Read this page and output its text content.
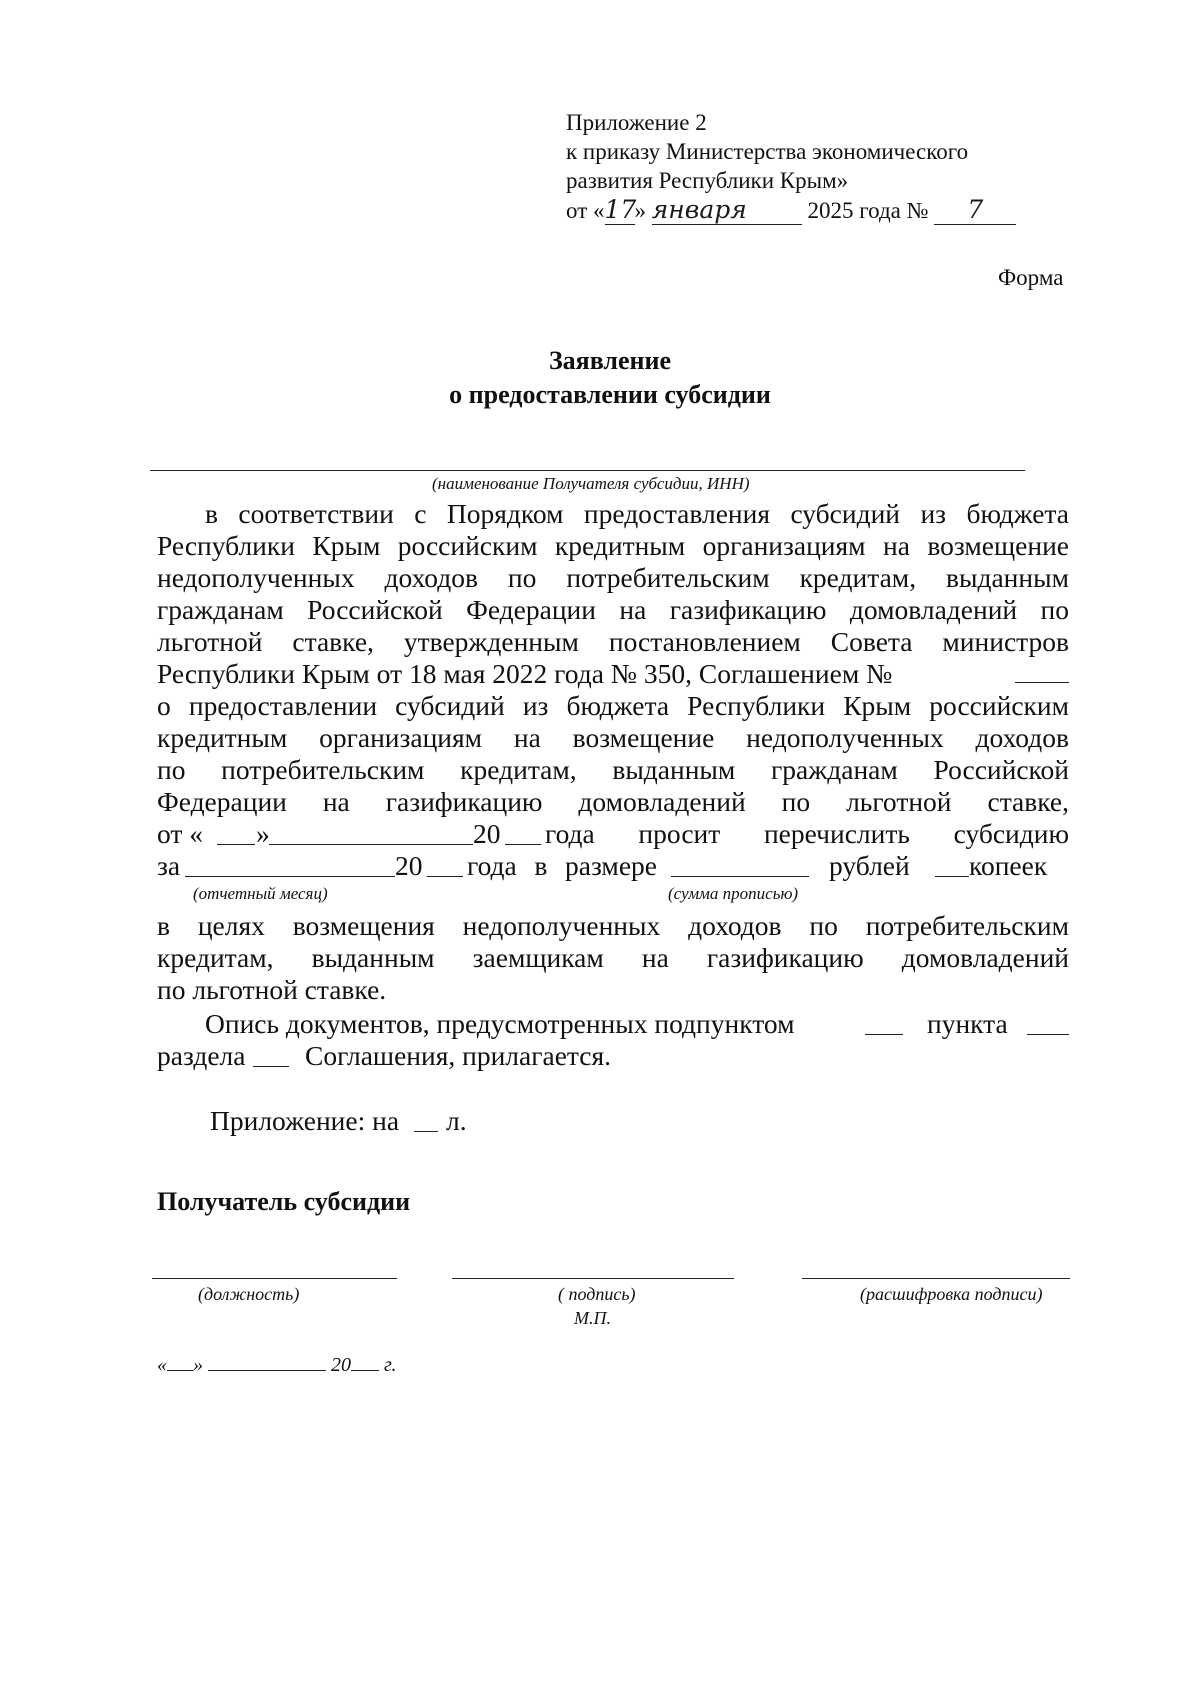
Приложение 2
к приказу Министерства экономического
развития Республики Крым»
от «17» января	2025 года № 7
Форма
Заявление
о предоставлении субсидии
(наименование Получателя субсидии, ИНН)
в соответствии с Порядком предоставления субсидий из бюджета
Республики Крым российским кредитным организациям на возмещение
недополученных доходов по потребительским кредитам, выданным
гражданам Российской Федерации на газификацию домовладений по
льготной ставке, утвержденным постановлением Совета министров
Республики Крым от 18 мая 2022 года № 350, Соглашением №
о предоставлении субсидий из бюджета Республики Крым российским
кредитным организациям на возмещение недополученных доходов
по потребительским кредитам, выданным гражданам Российской
Федерации на газификацию домовладений по льготной ставке,
от « »	20 года просит перечислить субсидию
за	20 года в размере	рублей копеек
(отчетный месяц)	(сумма прописью)
в целях возмещения недополученных доходов по потребительским
кредитам, выданным заемщикам на газификацию домовладений
по льготной ставке.
Опись документов, предусмотренных подпунктом	пункта
раздела Соглашения, прилагается.
Приложение: на л.
Получатель субсидии
(должность)	( подпись)
М.П.
(расшифровка подписи)
« »	20 г.
